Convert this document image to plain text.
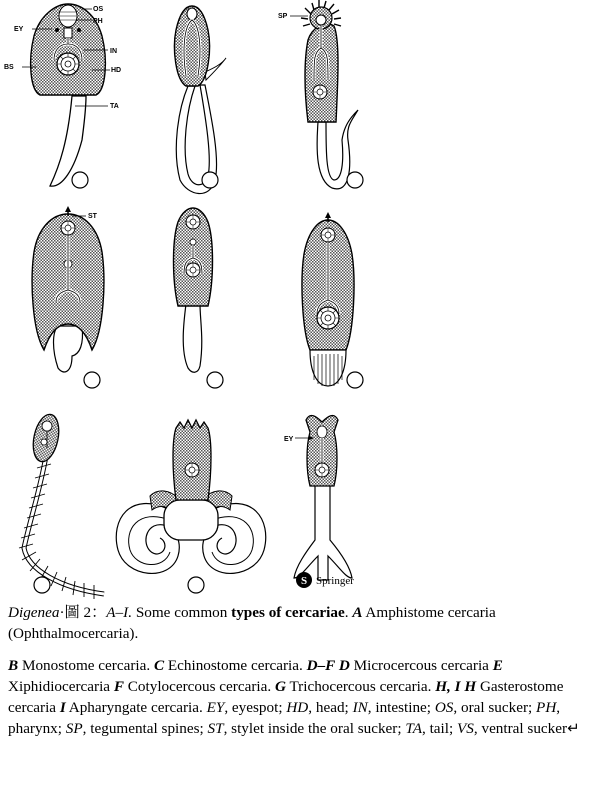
OS
PH
EY
IN
BS	HD
TA
SP
ST
EY
S Springer

Digenea·圖 2：A–I. Some common types of cercariae. A Amphistome cercaria (Ophthalmocercaria).

B Monostome cercaria. C Echinostome cercaria. D–F D Microcercous cercaria E Xiphidiocercaria F Cotylocercous cercaria. G Trichocercous cercaria. H, I H Gasterostome cercaria I Apharyngate cercaria. EY, eyespot; HD, head; IN, intestine; OS, oral sucker; PH, pharynx; SP, tegumental spines; ST, stylet inside the oral sucker; TA, tail; VS, ventral sucker↵
